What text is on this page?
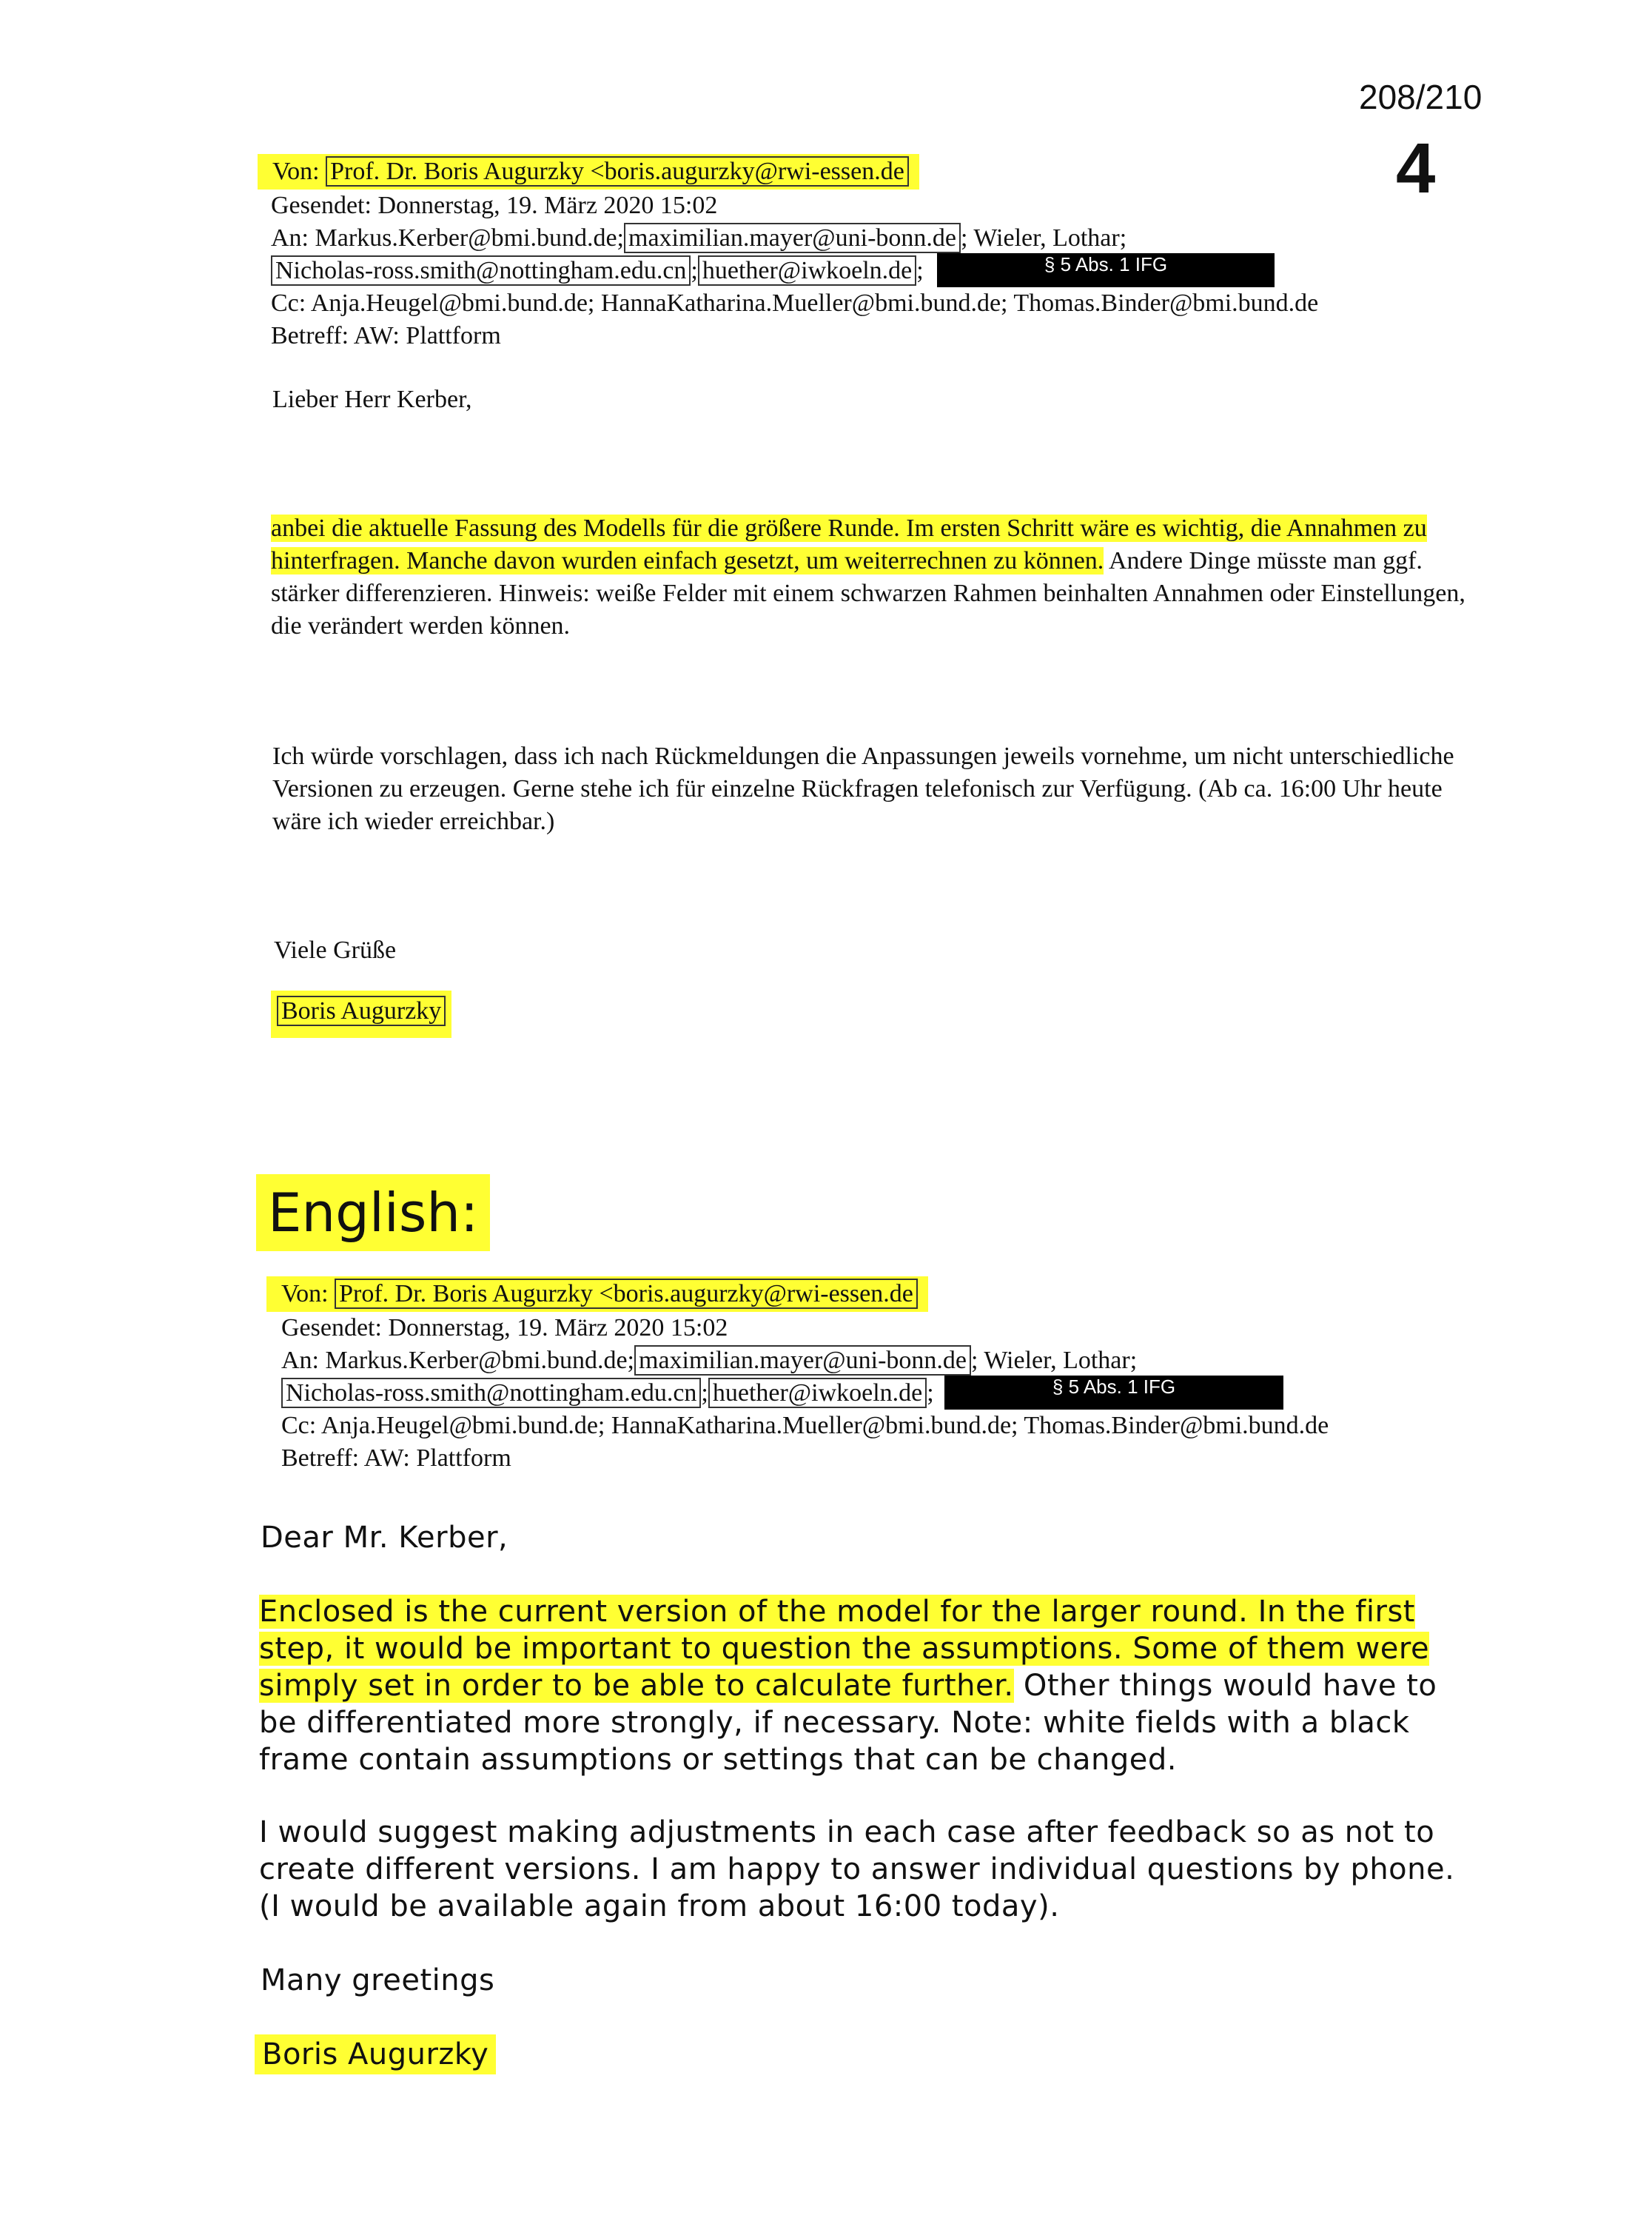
208/210
4
Von: Prof. Dr. Boris Augurzky <boris.augurzky@rwi-essen.de
Gesendet: Donnerstag, 19. März 2020 15:02
An: Markus.Kerber@bmi.bund.de; maximilian.mayer@uni-bonn.de ; Wieler, Lothar;
Nicholas-ross.smith@nottingham.edu.cn ; huether@iwkoeln.de ;	§ 5 Abs. 1 IFG
Cc: Anja.Heugel@bmi.bund.de; HannaKatharina.Mueller@bmi.bund.de; Thomas.Binder@bmi.bund.de
Betreff: AW: Plattform
Lieber Herr Kerber,

anbei die aktuelle Fassung des Modells für die größere Runde. Im ersten Schritt wäre es wichtig, die Annahmen zu hinterfragen. Manche davon wurden einfach gesetzt, um weiterrechnen zu können. Andere Dinge müsste man ggf. stärker differenzieren. Hinweis: weiße Felder mit einem schwarzen Rahmen beinhalten Annahmen oder Einstellungen, die verändert werden können.

Ich würde vorschlagen, dass ich nach Rückmeldungen die Anpassungen jeweils vornehme, um nicht unterschiedliche Versionen zu erzeugen. Gerne stehe ich für einzelne Rückfragen telefonisch zur Verfügung. (Ab ca. 16:00 Uhr heute wäre ich wieder erreichbar.)
Viele Grüße
Boris Augurzky
English:
Von: Prof. Dr. Boris Augurzky <boris.augurzky@rwi-essen.de
Gesendet: Donnerstag, 19. März 2020 15:02
An: Markus.Kerber@bmi.bund.de; maximilian.mayer@uni-bonn.de ; Wieler, Lothar;
Nicholas-ross.smith@nottingham.edu.cn ; huether@iwkoeln.de ;	§ 5 Abs. 1 IFG
Cc: Anja.Heugel@bmi.bund.de; HannaKatharina.Mueller@bmi.bund.de; Thomas.Binder@bmi.bund.de
Betreff: AW: Plattform
Dear Mr. Kerber,

Enclosed is the current version of the model for the larger round. In the first step, it would be important to question the assumptions. Some of them were simply set in order to be able to calculate further. Other things would have to be differentiated more strongly, if necessary. Note: white fields with a black frame contain assumptions or settings that can be changed.

I would suggest making adjustments in each case after feedback so as not to create different versions. I am happy to answer individual questions by phone. (I would be available again from about 16:00 today).
Many greetings
Boris Augurzky
